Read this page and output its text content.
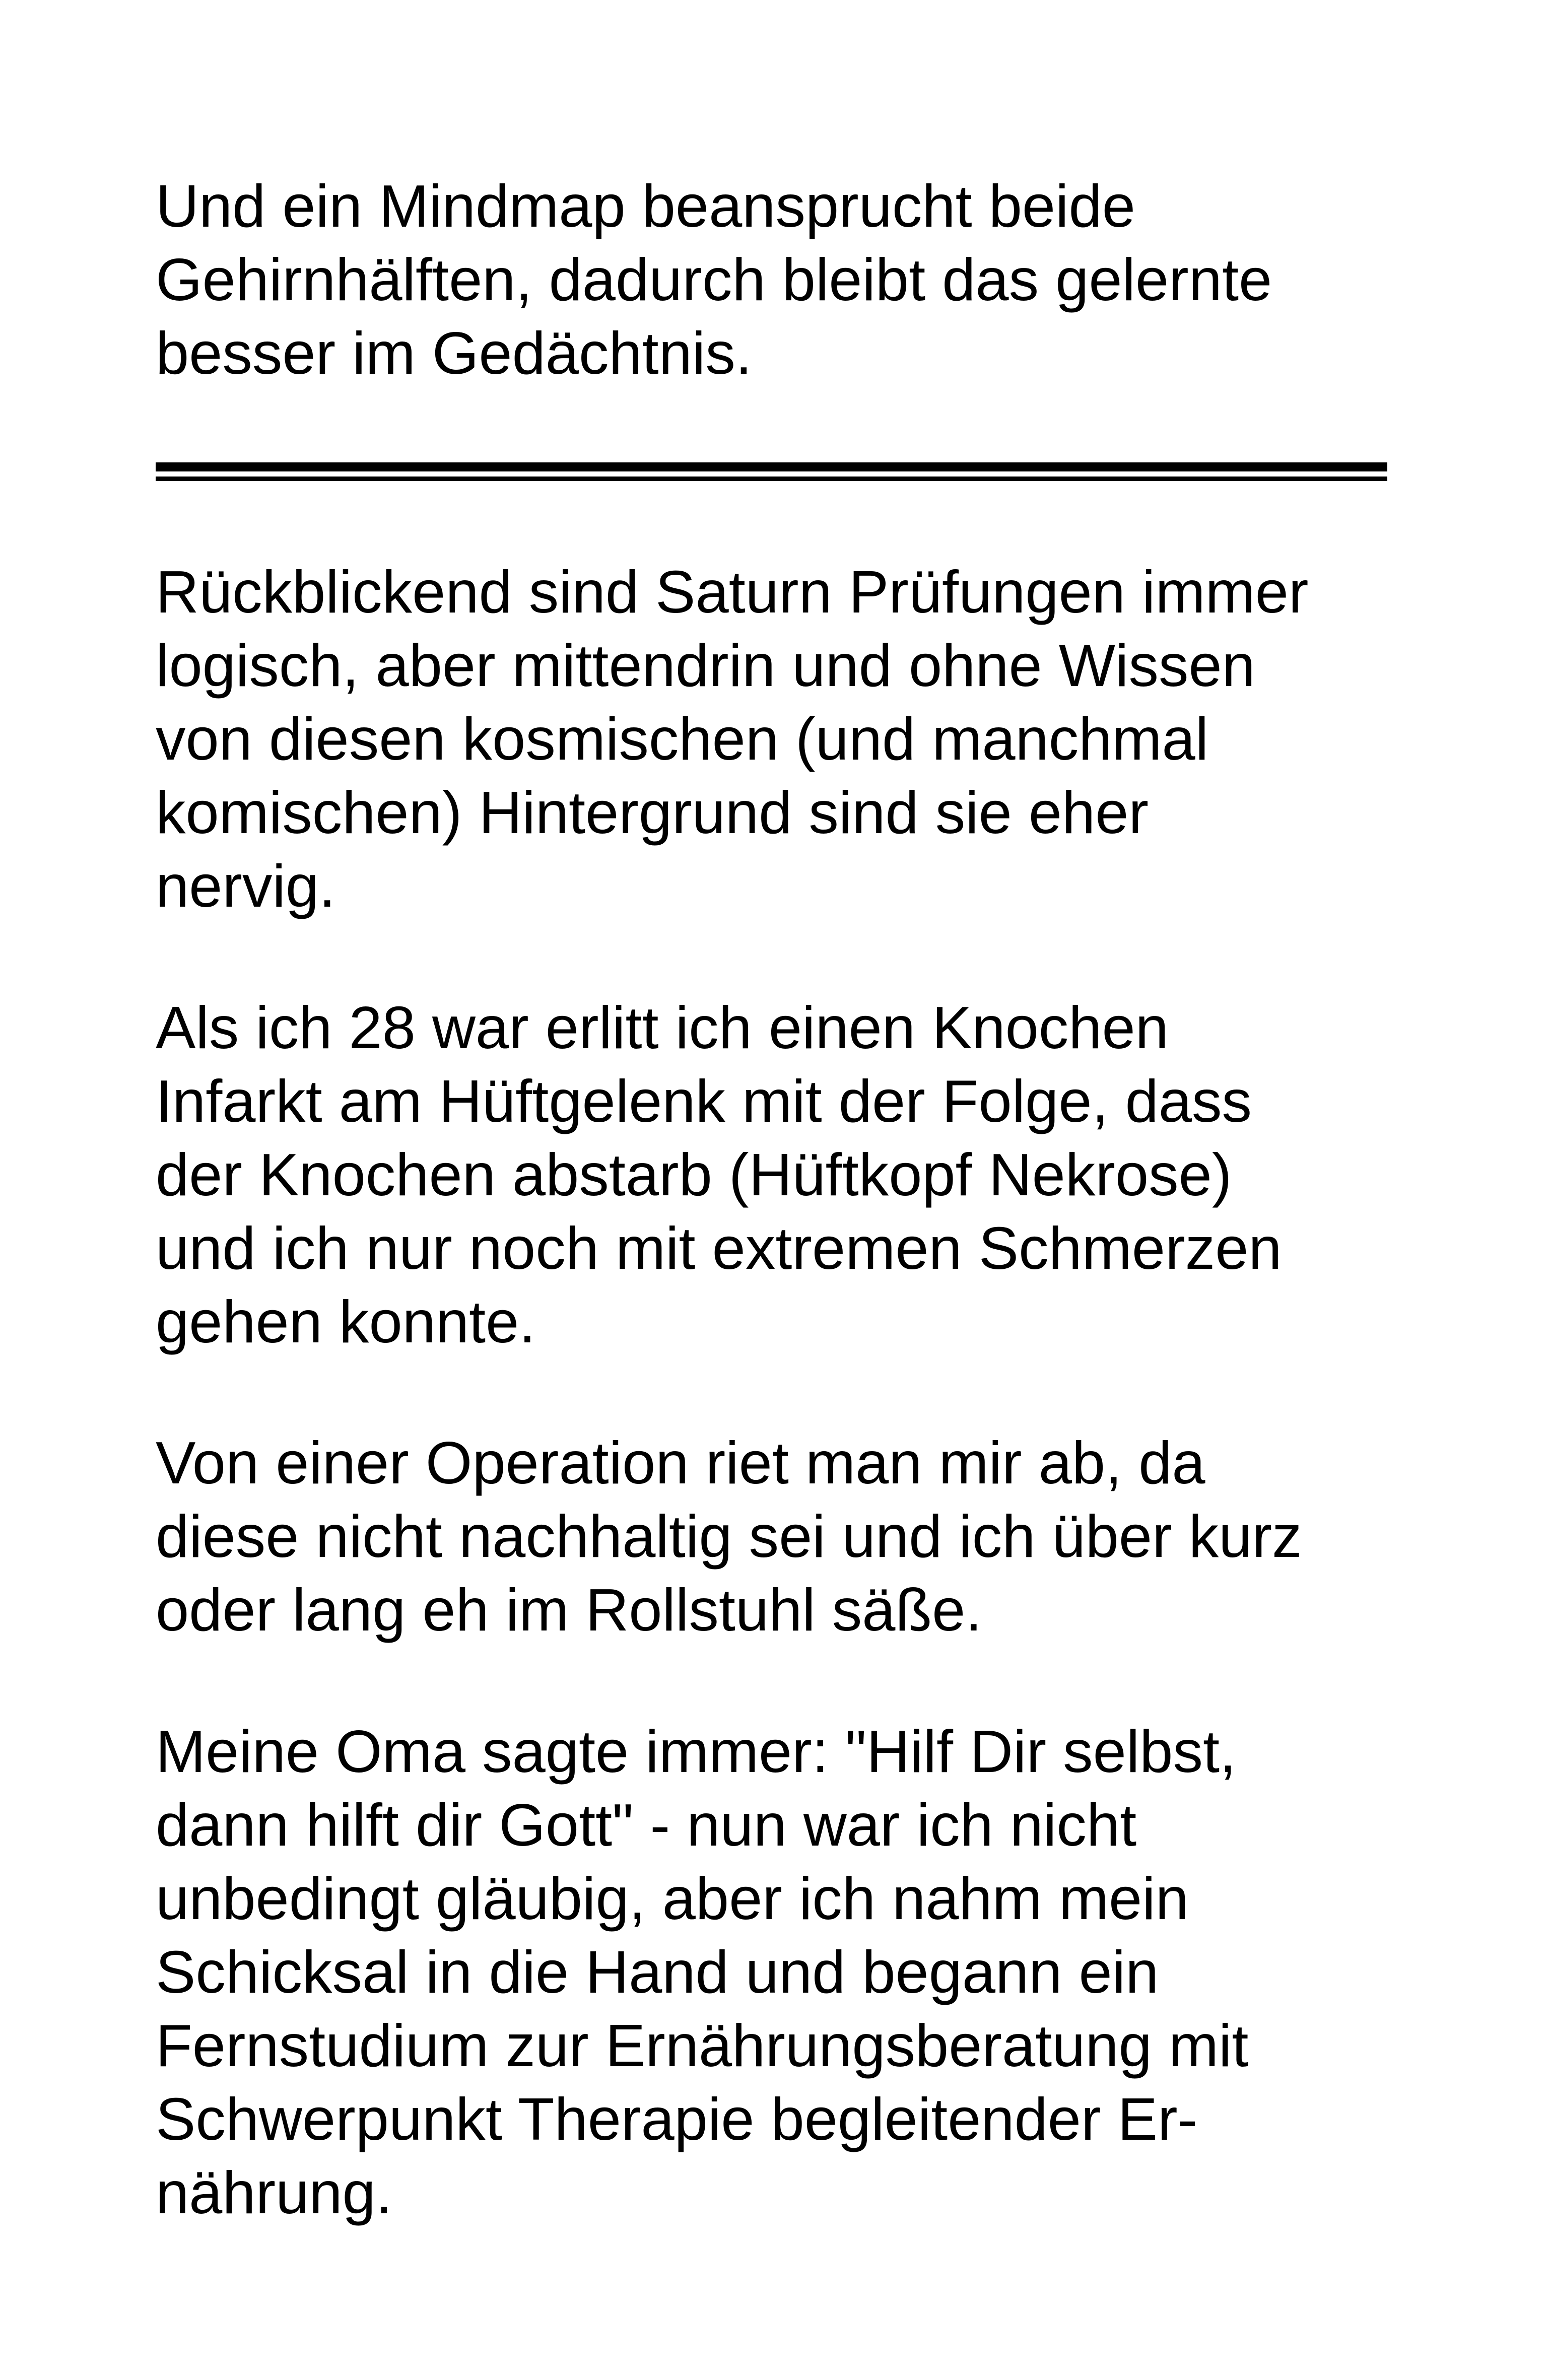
Und ein Mindmap beansprucht beide
Gehirnhälften, dadurch bleibt das gelernte
besser im Gedächtnis.

Rückblickend sind Saturn Prüfungen immer
logisch, aber mittendrin und ohne Wissen
von diesen kosmischen (und manchmal
komischen) Hintergrund sind sie eher
nervig.

Als ich 28 war erlitt ich einen Knochen
Infarkt am Hüftgelenk mit der Folge, dass
der Knochen abstarb (Hüftkopf Nekrose)
und ich nur noch mit extremen Schmerzen
gehen konnte.

Von einer Operation riet man mir ab, da
diese nicht nachhaltig sei und ich über kurz
oder lang eh im Rollstuhl säße.

Meine Oma sagte immer: "Hilf Dir selbst,
dann hilft dir Gott" - nun war ich nicht
unbedingt gläubig, aber ich nahm mein
Schicksal in die Hand und begann ein
Fernstudium zur Ernährungsberatung mit
Schwerpunkt Therapie begleitender Er-
nährung.
